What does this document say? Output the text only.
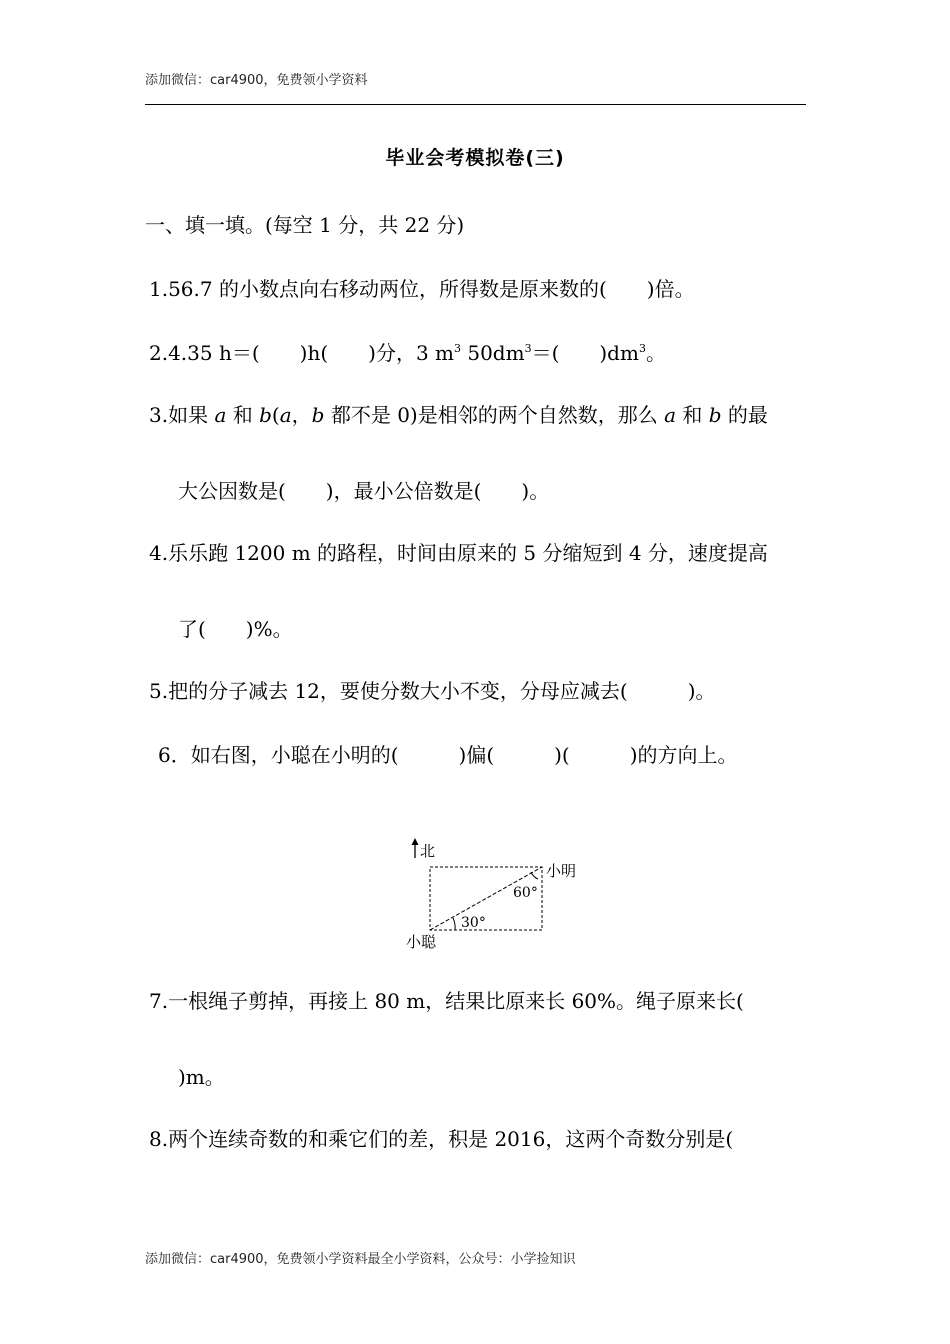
添加微信：car4900，免费领小学资料
毕业会考模拟卷(三)
一、填一填。(每空 1 分，共 22 分)
1.56.7 的小数点向右移动两位，所得数是原来数的(　　)倍。
2.4.35 h＝(　　)h(　　)分，3 $m^3$ $50dm^3=$(　　)$dm^3$。
3.如果 a 和 b(a，b 都不是 0)是相邻的两个自然数，那么 a 和 b 的最
大公因数是(　　)，最小公倍数是(　　)。
4.乐乐跑 1200 m 的路程，时间由原来的 5 分缩短到 4 分，速度提高
了(　　)%。
5.把的分子减去 12，要使分数大小不变，分母应减去(　　　)。
6．如右图，小聪在小明的(　　　)偏(　　　)(　　　)的方向上。
北
小明
60°
30°
小聪
7.一根绳子剪掉，再接上 80 m，结果比原来长 60%。绳子原来长(
)m。
8.两个连续奇数的和乘它们的差，积是 2016，这两个奇数分别是(
添加微信：car4900，免费领小学资料最全小学资料，公众号：小学捡知识
